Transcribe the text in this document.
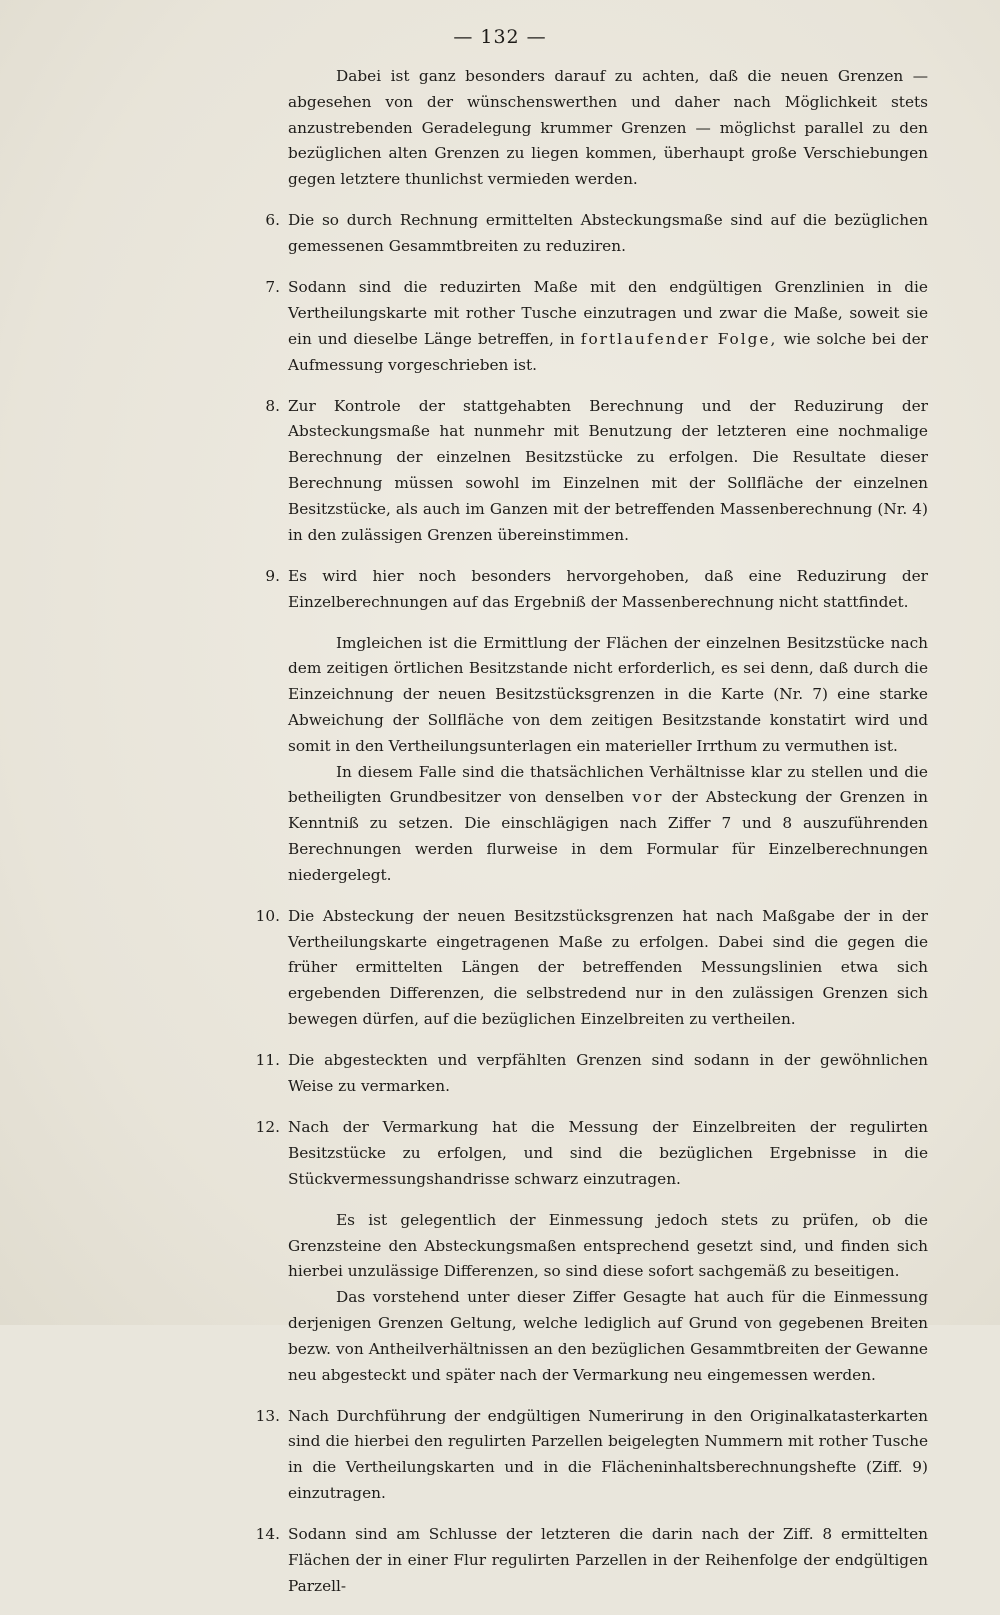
— 132 —

Dabei ist ganz besonders darauf zu achten, daß die neuen Grenzen — abgesehen von der wünschenswerthen und daher nach Möglichkeit stets anzustrebenden Geradelegung krummer Grenzen — möglichst parallel zu den bezüglichen alten Grenzen zu liegen kommen, überhaupt große Verschiebungen gegen letztere thunlichst vermieden werden.

6. Die so durch Rechnung ermittelten Absteckungsmaße sind auf die bezüglichen gemessenen Gesammtbreiten zu reduziren.

7. Sodann sind die reduzirten Maße mit den endgültigen Grenzlinien in die Vertheilungskarte mit rother Tusche einzutragen und zwar die Maße, soweit sie ein und dieselbe Länge betreffen, in fortlaufender Folge, wie solche bei der Aufmessung vorgeschrieben ist.

8. Zur Kontrole der stattgehabten Berechnung und der Reduzirung der Absteckungsmaße hat nunmehr mit Benutzung der letzteren eine nochmalige Berechnung der einzelnen Besitzstücke zu erfolgen. Die Resultate dieser Berechnung müssen sowohl im Einzelnen mit der Sollfläche der einzelnen Besitzstücke, als auch im Ganzen mit der betreffenden Massenberechnung (Nr. 4) in den zulässigen Grenzen übereinstimmen.

9. Es wird hier noch besonders hervorgehoben, daß eine Reduzirung der Einzelberechnungen auf das Ergebniß der Massenberechnung nicht stattfindet.

Imgleichen ist die Ermittlung der Flächen der einzelnen Besitzstücke nach dem zeitigen örtlichen Besitzstande nicht erforderlich, es sei denn, daß durch die Einzeichnung der neuen Besitzstücksgrenzen in die Karte (Nr. 7) eine starke Abweichung der Sollfläche von dem zeitigen Besitzstande konstatirt wird und somit in den Vertheilungsunterlagen ein materieller Irrthum zu vermuthen ist.

In diesem Falle sind die thatsächlichen Verhältnisse klar zu stellen und die betheiligten Grundbesitzer von denselben vor der Absteckung der Grenzen in Kenntniß zu setzen. Die einschlägigen nach Ziffer 7 und 8 auszuführenden Berechnungen werden flurweise in dem Formular für Einzelberechnungen niedergelegt.

10. Die Absteckung der neuen Besitzstücksgrenzen hat nach Maßgabe der in der Vertheilungskarte eingetragenen Maße zu erfolgen. Dabei sind die gegen die früher ermittelten Längen der betreffenden Messungslinien etwa sich ergebenden Differenzen, die selbstredend nur in den zulässigen Grenzen sich bewegen dürfen, auf die bezüglichen Einzelbreiten zu vertheilen.

11. Die abgesteckten und verpfählten Grenzen sind sodann in der gewöhnlichen Weise zu vermarken.

12. Nach der Vermarkung hat die Messung der Einzelbreiten der regulirten Besitzstücke zu erfolgen, und sind die bezüglichen Ergebnisse in die Stückvermessungshandrisse schwarz einzutragen.

Es ist gelegentlich der Einmessung jedoch stets zu prüfen, ob die Grenzsteine den Absteckungsmaßen entsprechend gesetzt sind, und finden sich hierbei unzulässige Differenzen, so sind diese sofort sachgemäß zu beseitigen.

Das vorstehend unter dieser Ziffer Gesagte hat auch für die Einmessung derjenigen Grenzen Geltung, welche lediglich auf Grund von gegebenen Breiten bezw. von Antheilverhältnissen an den bezüglichen Gesammtbreiten der Gewanne neu abgesteckt und später nach der Vermarkung neu eingemessen werden.

13. Nach Durchführung der endgültigen Numerirung in den Originalkatasterkarten sind die hierbei den regulirten Parzellen beigelegten Nummern mit rother Tusche in die Vertheilungskarten und in die Flächeninhaltsberechnungshefte (Ziff. 9) einzutragen.

14. Sodann sind am Schlusse der letzteren die darin nach der Ziff. 8 ermittelten Flächen der in einer Flur regulirten Parzellen in der Reihenfolge der endgültigen Parzell-
